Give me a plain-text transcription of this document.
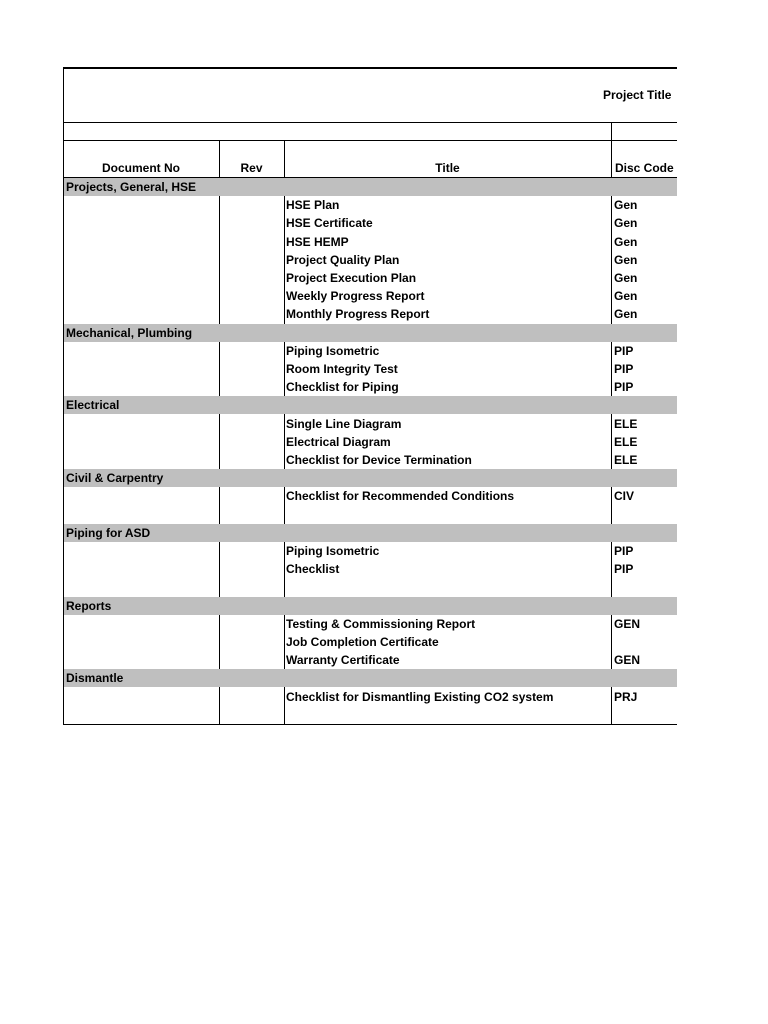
Project Title
Document No	Rev	Title	Disc Code
Projects, General, HSE
HSE Plan	Gen
HSE Certificate	Gen
HSE HEMP	Gen
Project Quality Plan	Gen
Project Execution Plan	Gen
Weekly Progress Report	Gen
Monthly Progress Report	Gen
Mechanical, Plumbing
Piping Isometric	PIP
Room Integrity Test	PIP
Checklist for Piping	PIP
Electrical
Single Line Diagram	ELE
Electrical Diagram	ELE
Checklist for Device Termination	ELE
Civil & Carpentry
Checklist for Recommended Conditions	CIV
Piping for ASD
Piping Isometric	PIP
Checklist	PIP
Reports
Testing & Commissioning Report	GEN
Job Completion Certificate
Warranty Certificate	GEN
Dismantle
Checklist for Dismantling Existing CO2 system	PRJ
